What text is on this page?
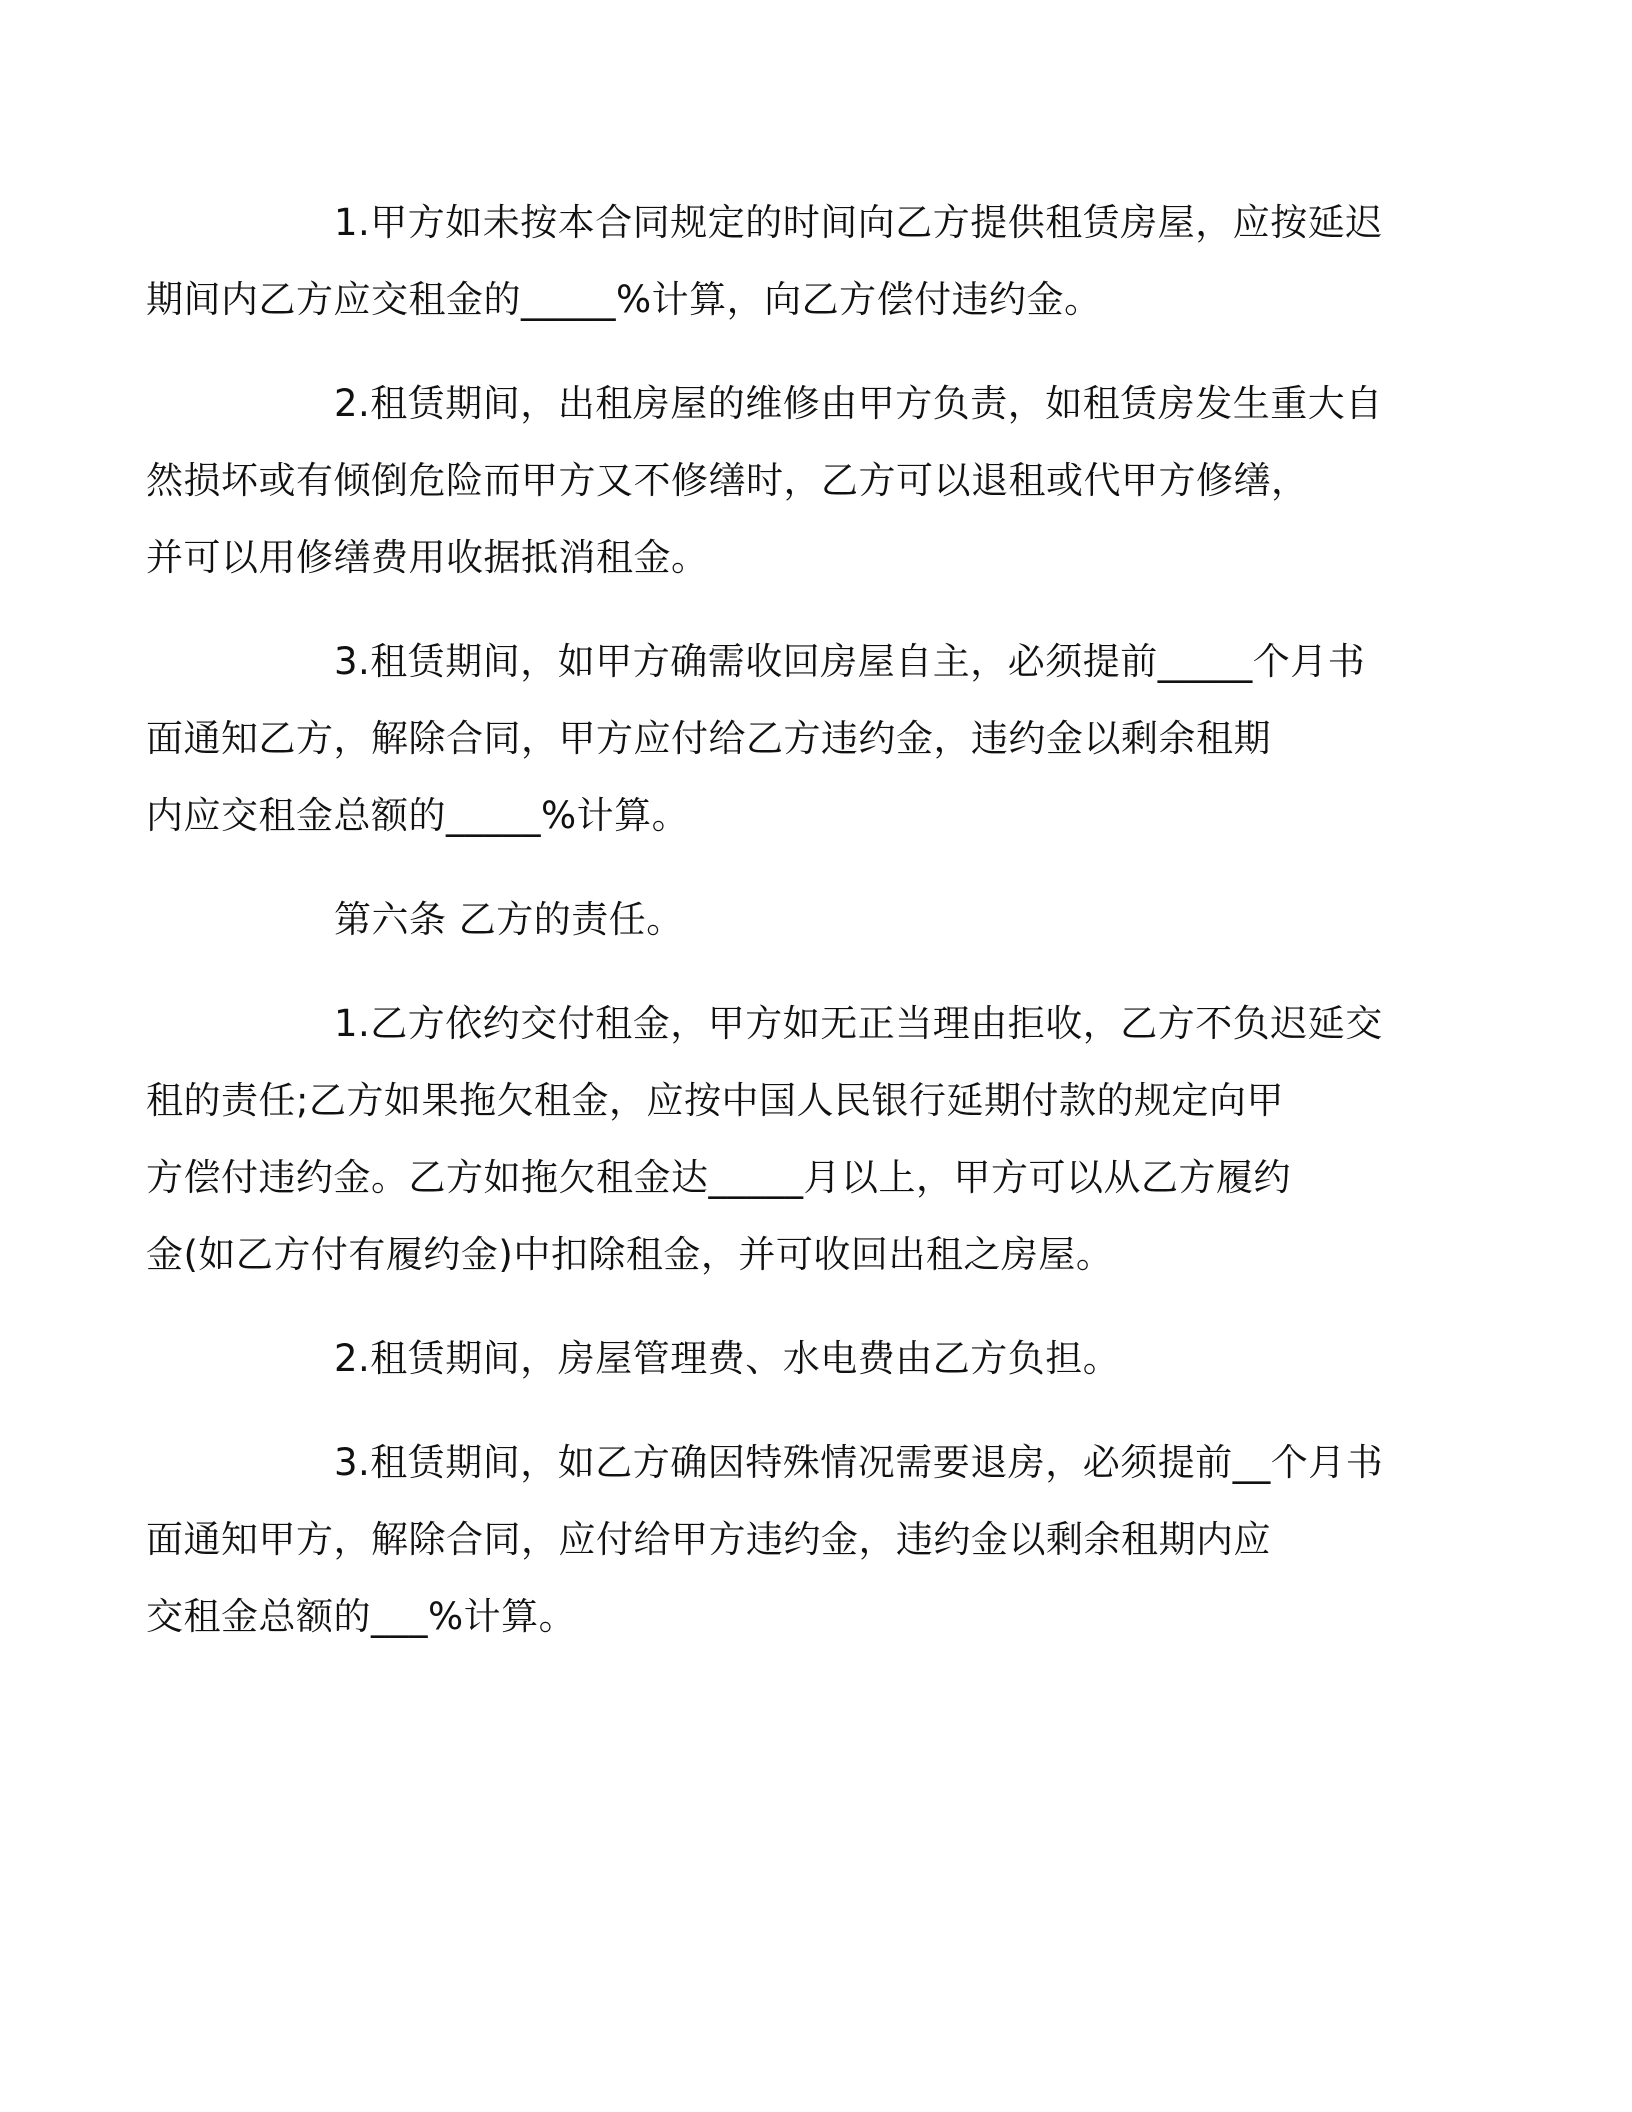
1.甲方如未按本合同规定的时间向乙方提供租赁房屋，应按延迟
期间内乙方应交租金的_____%计算，向乙方偿付违约金。

2.租赁期间，出租房屋的维修由甲方负责，如租赁房发生重大自
然损坏或有倾倒危险而甲方又不修缮时，乙方可以退租或代甲方修缮，
并可以用修缮费用收据抵消租金。

3.租赁期间，如甲方确需收回房屋自主，必须提前_____个月书
面通知乙方，解除合同，甲方应付给乙方违约金，违约金以剩余租期
内应交租金总额的_____%计算。

第六条 乙方的责任。

1.乙方依约交付租金，甲方如无正当理由拒收，乙方不负迟延交
租的责任;乙方如果拖欠租金，应按中国人民银行延期付款的规定向甲
方偿付违约金。乙方如拖欠租金达_____月以上，甲方可以从乙方履约
金(如乙方付有履约金)中扣除租金，并可收回出租之房屋。

2.租赁期间，房屋管理费、水电费由乙方负担。

3.租赁期间，如乙方确因特殊情况需要退房，必须提前__个月书
面通知甲方，解除合同，应付给甲方违约金，违约金以剩余租期内应
交租金总额的___%计算。
